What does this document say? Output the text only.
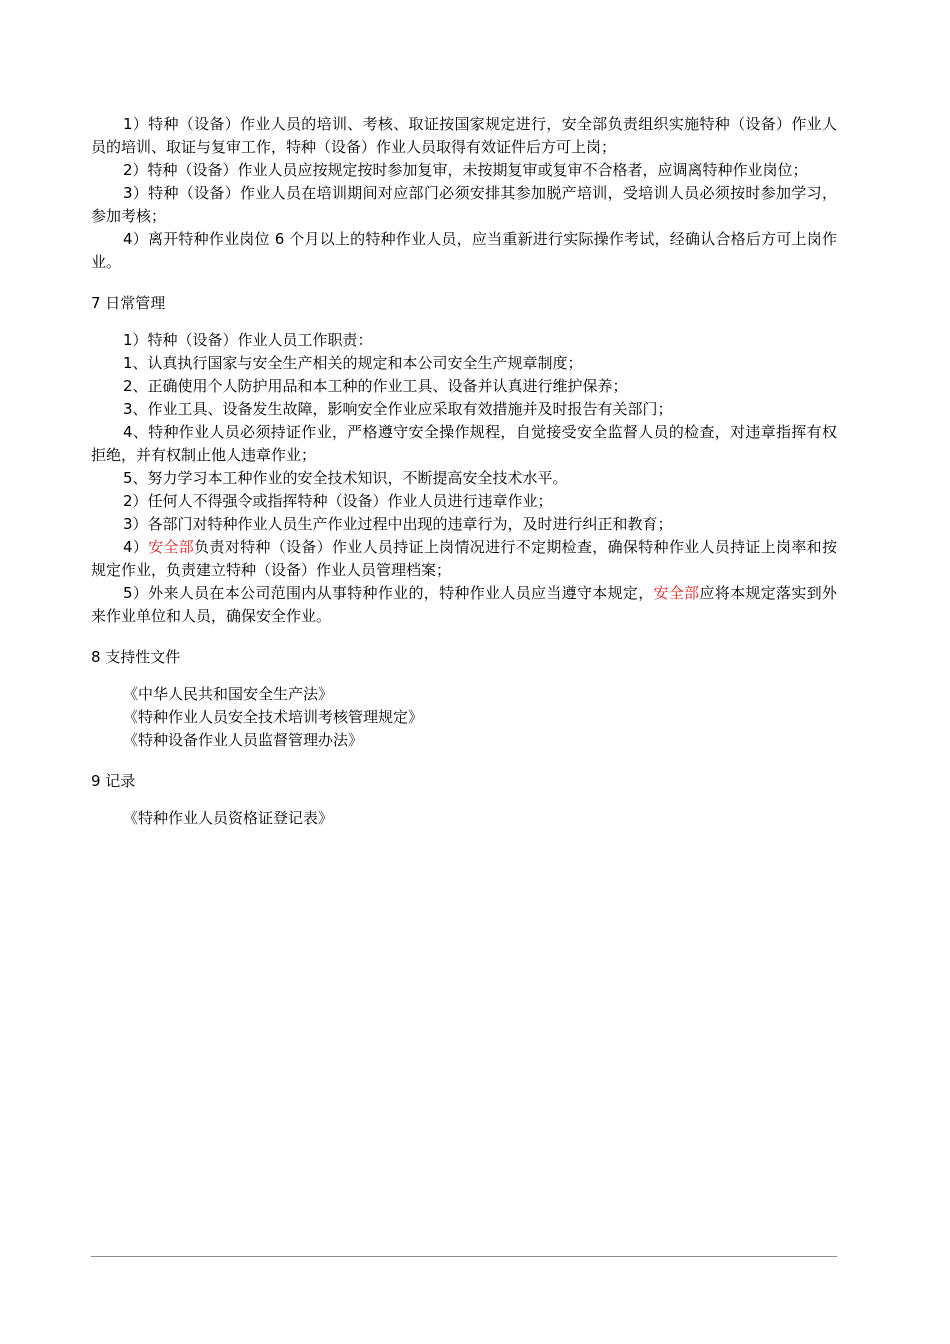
1）特种（设备）作业人员的培训、考核、取证按国家规定进行，安全部负责组织实施特种（设备）作业人员的培训、取证与复审工作，特种（设备）作业人员取得有效证件后方可上岗；

2）特种（设备）作业人员应按规定按时参加复审，未按期复审或复审不合格者，应调离特种作业岗位；

3）特种（设备）作业人员在培训期间对应部门必须安排其参加脱产培训，受培训人员必须按时参加学习，参加考核；

4）离开特种作业岗位 6 个月以上的特种作业人员，应当重新进行实际操作考试，经确认合格后方可上岗作业。

7 日常管理

1）特种（设备）作业人员工作职责：

1、认真执行国家与安全生产相关的规定和本公司安全生产规章制度；

2、正确使用个人防护用品和本工种的作业工具、设备并认真进行维护保养；

3、作业工具、设备发生故障，影响安全作业应采取有效措施并及时报告有关部门；

4、特种作业人员必须持证作业，严格遵守安全操作规程，自觉接受安全监督人员的检查，对违章指挥有权拒绝，并有权制止他人违章作业；

5、努力学习本工种作业的安全技术知识，不断提高安全技术水平。

2）任何人不得强令或指挥特种（设备）作业人员进行违章作业；

3）各部门对特种作业人员生产作业过程中出现的违章行为，及时进行纠正和教育；

4）安全部负责对特种（设备）作业人员持证上岗情况进行不定期检查，确保特种作业人员持证上岗率和按规定作业，负责建立特种（设备）作业人员管理档案；

5）外来人员在本公司范围内从事特种作业的，特种作业人员应当遵守本规定，安全部应将本规定落实到外来作业单位和人员，确保安全作业。

8 支持性文件

《中华人民共和国安全生产法》

《特种作业人员安全技术培训考核管理规定》

《特种设备作业人员监督管理办法》

9 记录

《特种作业人员资格证登记表》
